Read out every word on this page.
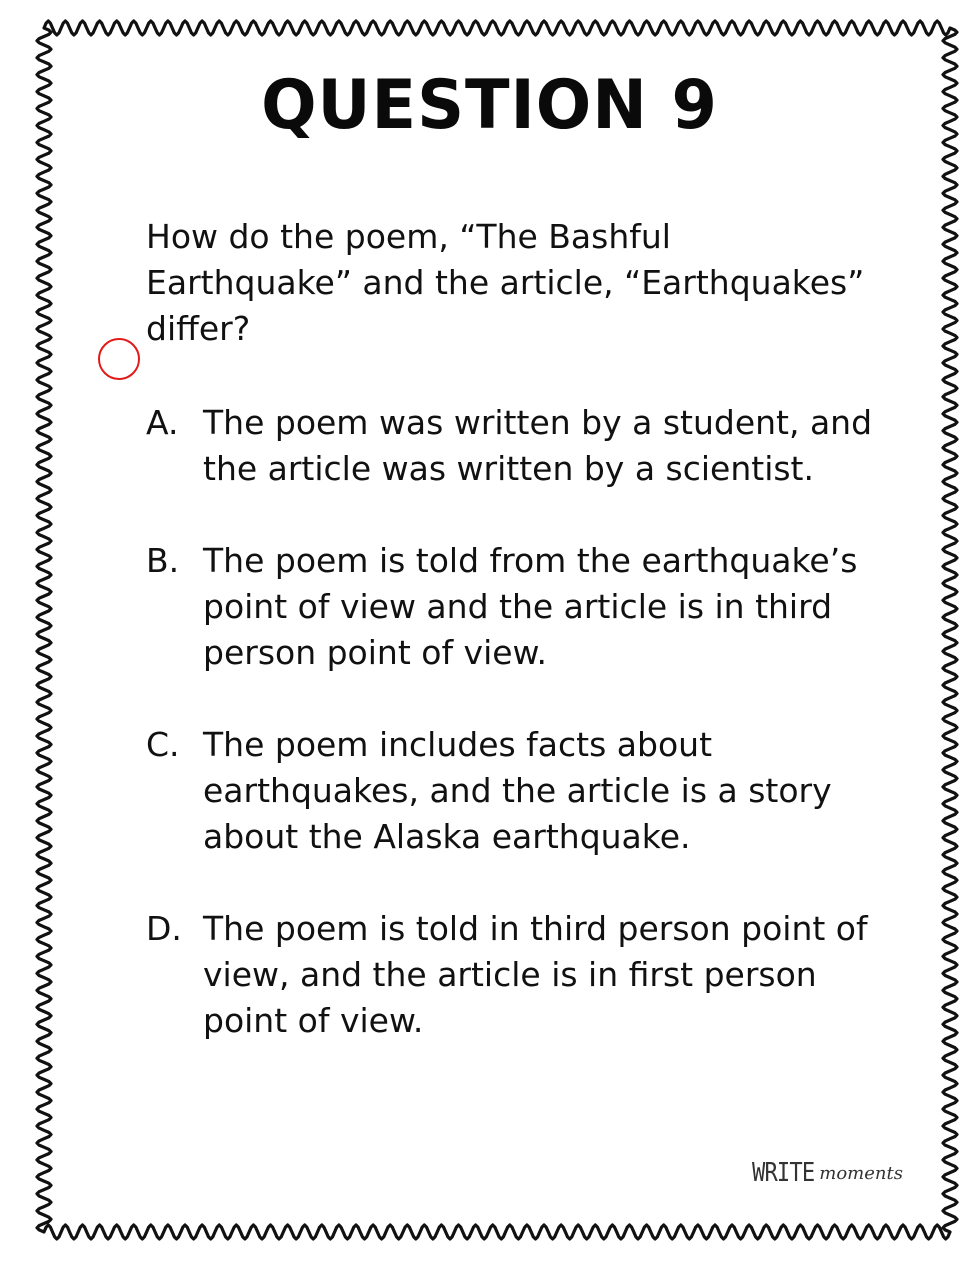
QUESTION 9

How do the poem, “The Bashful Earthquake” and the article, “Earthquakes” differ?

A. The poem was written by a student, and the article was written by a scientist.
B. The poem is told from the earthquake’s point of view and the article is in third person point of view.
C. The poem includes facts about earthquakes, and the article is a story about the Alaska earthquake.
D. The poem is told in third person point of view, and the article is in first person point of view.
WRITE moments
